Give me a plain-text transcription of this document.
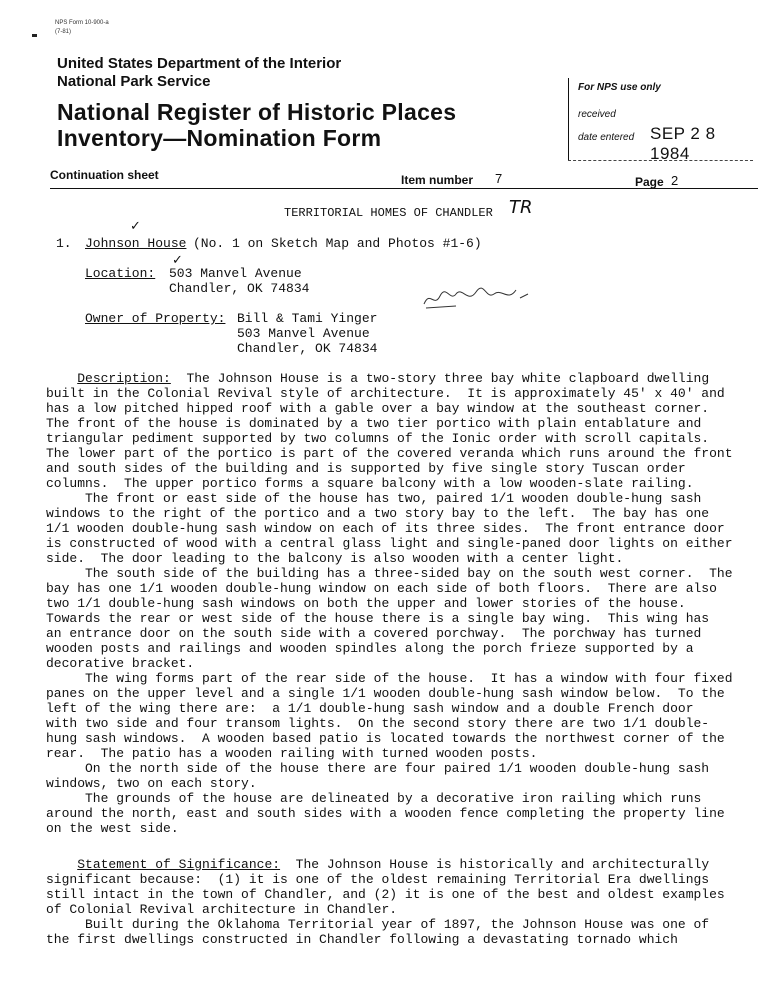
NPS Form 10-900-a
(7-81)
United States Department of the Interior
National Park Service
National Register of Historic Places
Inventory—Nomination Form
For NPS use only
received
date entered SEP 2 8 1984
Continuation sheet	Item number 7	Page 2
TERRITORIAL HOMES OF CHANDLER TR
✓
✓
1. Johnson House (No. 1 on Sketch Map and Photos #1-6)
Location: 503 Manvel Avenue
Chandler, OK 74834
Owner of Property: Bill & Tami Yinger
503 Manvel Avenue
Chandler, OK 74834
Description:  The Johnson House is a two-story three bay white clapboard dwelling
built in the Colonial Revival style of architecture.  It is approximately 45' x 40' and
has a low pitched hipped roof with a gable over a bay window at the southeast corner.
The front of the house is dominated by a two tier portico with plain entablature and
triangular pediment supported by two columns of the Ionic order with scroll capitals.
The lower part of the portico is part of the covered veranda which runs around the front
and south sides of the building and is supported by five single story Tuscan order
columns.  The upper portico forms a square balcony with a low wooden-slate railing.
The front or east side of the house has two, paired 1/1 wooden double-hung sash
windows to the right of the portico and a two story bay to the left.  The bay has one
1/1 wooden double-hung sash window on each of its three sides.  The front entrance door
is constructed of wood with a central glass light and single-paned door lights on either
side.  The door leading to the balcony is also wooden with a center light.
The south side of the building has a three-sided bay on the south west corner.  The
bay has one 1/1 wooden double-hung window on each side of both floors.  There are also
two 1/1 double-hung sash windows on both the upper and lower stories of the house.
Towards the rear or west side of the house there is a single bay wing.  This wing has
an entrance door on the south side with a covered porchway.  The porchway has turned
wooden posts and railings and wooden spindles along the porch frieze supported by a
decorative bracket.
The wing forms part of the rear side of the house.  It has a window with four fixed
panes on the upper level and a single 1/1 wooden double-hung sash window below.  To the
left of the wing there are:  a 1/1 double-hung sash window and a double French door
with two side and four transom lights.  On the second story there are two 1/1 double-
hung sash windows.  A wooden based patio is located towards the northwest corner of the
rear.  The patio has a wooden railing with turned wooden posts.
On the north side of the house there are four paired 1/1 wooden double-hung sash
windows, two on each story.
The grounds of the house are delineated by a decorative iron railing which runs
around the north, east and south sides with a wooden fence completing the property line
on the west side.
Statement of Significance:  The Johnson House is historically and architecturally
significant because:  (1) it is one of the oldest remaining Territorial Era dwellings
still intact in the town of Chandler, and (2) it is one of the best and oldest examples
of Colonial Revival architecture in Chandler.
Built during the Oklahoma Territorial year of 1897, the Johnson House was one of
the first dwellings constructed in Chandler following a devastating tornado which
